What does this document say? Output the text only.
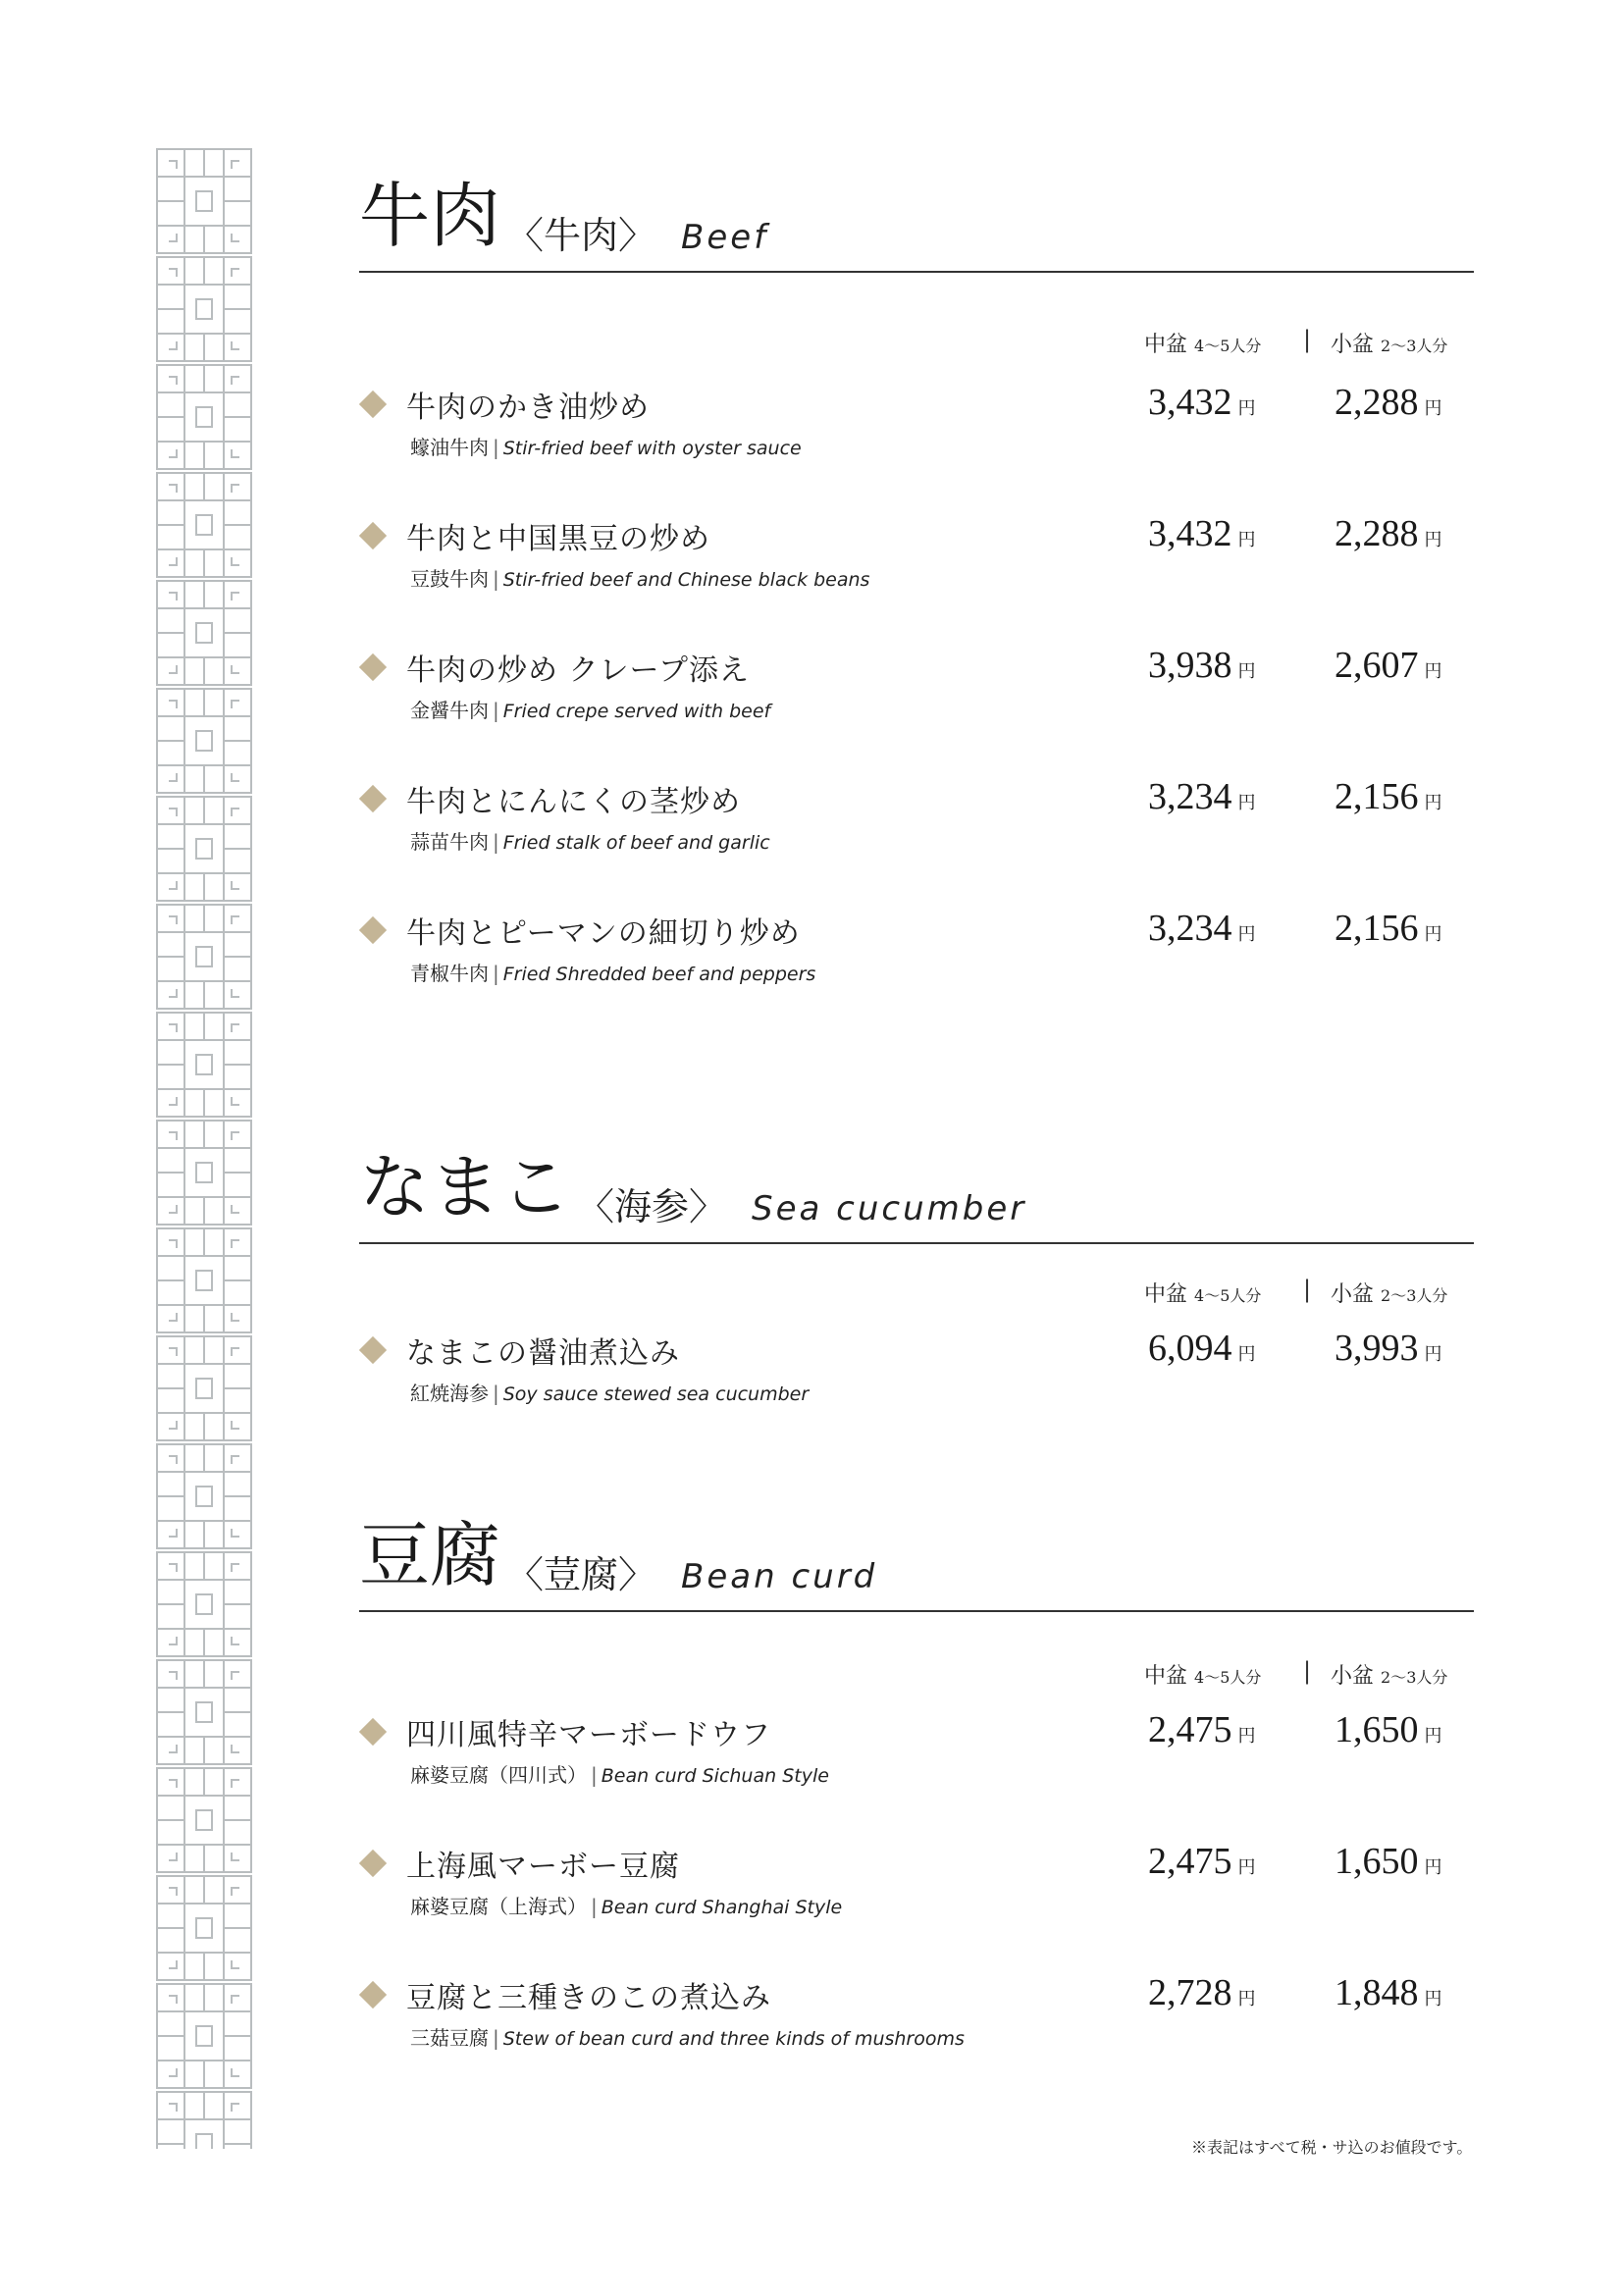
牛肉 〈牛肉〉 Beef
中盆 4〜5人分 | 小盆 2〜3人分
牛肉のかき油炒め
蠔油牛肉 | Stir-fried beef with oyster sauce
3,432 円 2,288 円
牛肉と中国黒豆の炒め
豆鼓牛肉 | Stir-fried beef and Chinese black beans
3,432 円 2,288 円
牛肉の炒め クレープ添え
金醤牛肉 | Fried crepe served with beef
3,938 円 2,607 円
牛肉とにんにくの茎炒め
蒜苗牛肉 | Fried stalk of beef and garlic
3,234 円 2,156 円
牛肉とピーマンの細切り炒め
青椒牛肉 | Fried Shredded beef and peppers
3,234 円 2,156 円
なまこ 〈海参〉 Sea cucumber
中盆 4〜5人分 | 小盆 2〜3人分
なまこの醤油煮込み
紅焼海参 | Soy sauce stewed sea cucumber
6,094 円 3,993 円
豆腐 〈荳腐〉 Bean curd
中盆 4〜5人分 | 小盆 2〜3人分
四川風特辛マーボードウフ
麻婆豆腐（四川式） | Bean curd Sichuan Style
2,475 円 1,650 円
上海風マーボー豆腐
麻婆豆腐（上海式） | Bean curd Shanghai Style
2,475 円 1,650 円
豆腐と三種きのこの煮込み
三菇豆腐 | Stew of bean curd and three kinds of mushrooms
2,728 円 1,848 円
※表記はすべて税・サ込のお値段です。
